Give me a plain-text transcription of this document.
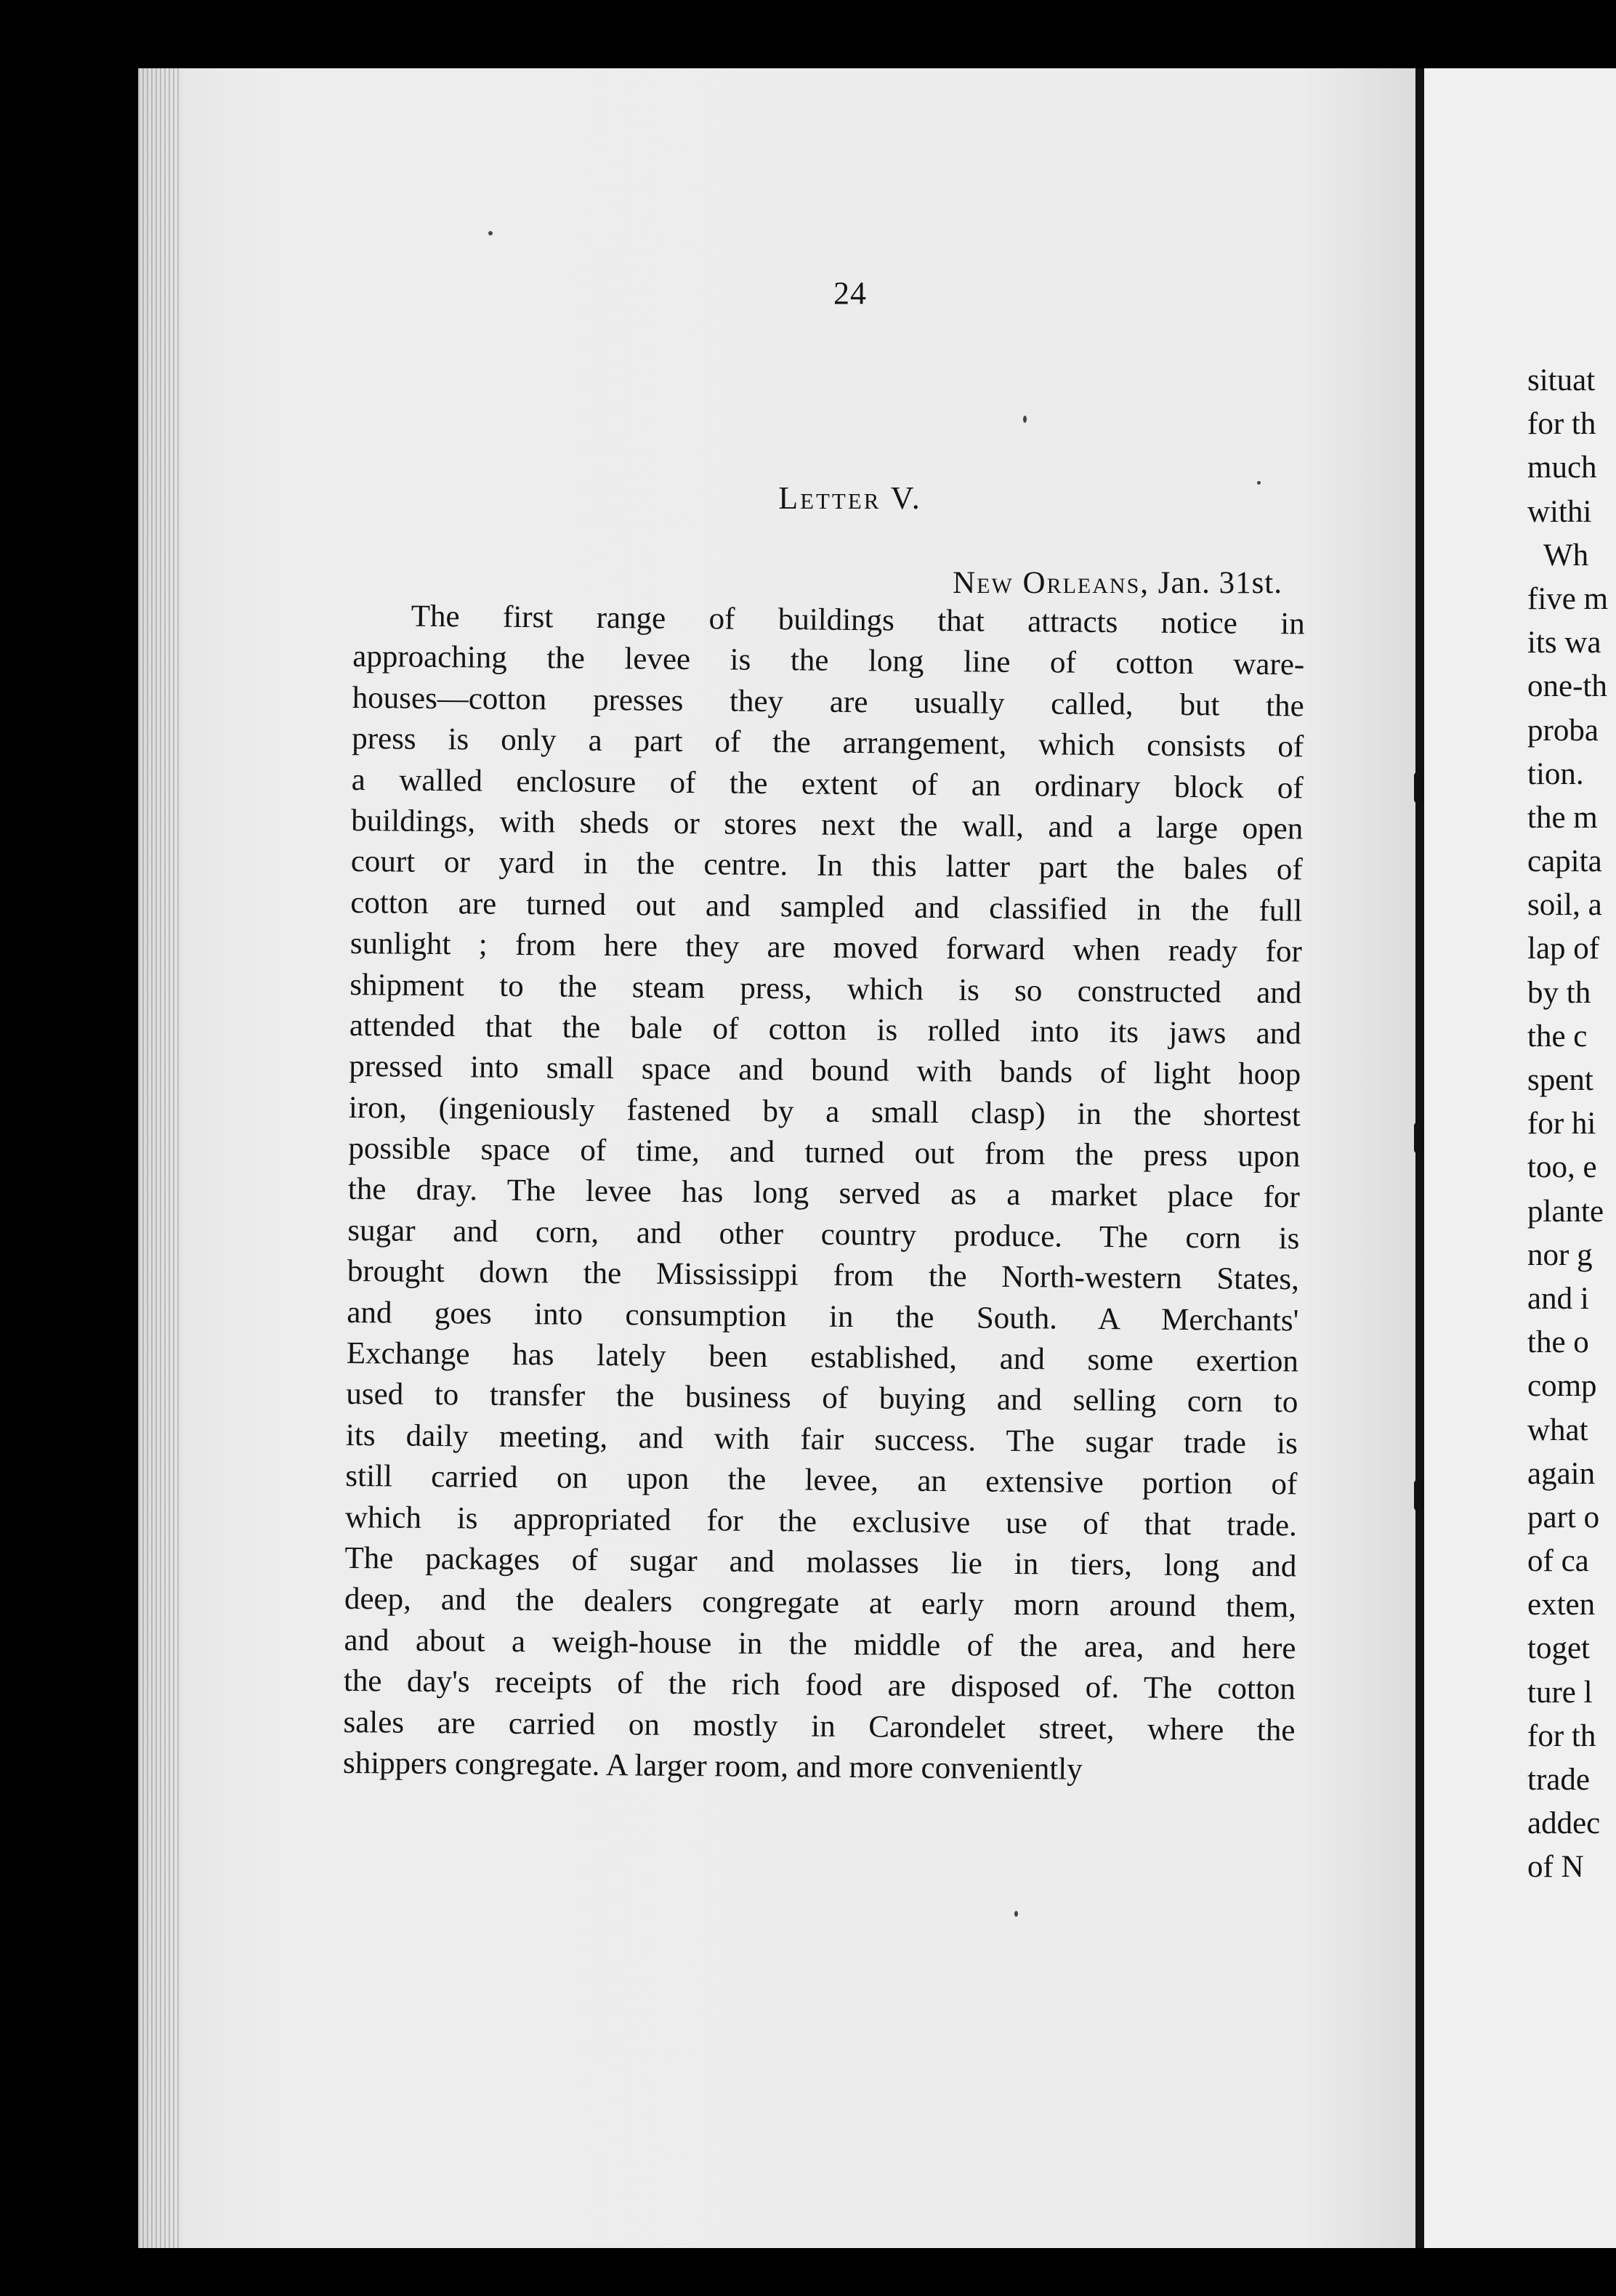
24
Letter V.
New Orleans, Jan. 31st.
The first range of buildings that attracts notice in
approaching the levee is the long line of cotton ware-
houses—cotton presses they are usually called, but the
press is only a part of the arrangement, which consists of
a walled enclosure of the extent of an ordinary block of
buildings, with sheds or stores next the wall, and a large open
court or yard in the centre. In this latter part the bales of
cotton are turned out and sampled and classified in the full
sunlight ; from here they are moved forward when ready for
shipment to the steam press, which is so constructed and
attended that the bale of cotton is rolled into its jaws and
pressed into small space and bound with bands of light hoop
iron, (ingeniously fastened by a small clasp) in the shortest
possible space of time, and turned out from the press upon
the dray. The levee has long served as a market place for
sugar and corn, and other country produce. The corn is
brought down the Mississippi from the North-western States,
and goes into consumption in the South. A Merchants'
Exchange has lately been established, and some exertion
used to transfer the business of buying and selling corn to
its daily meeting, and with fair success. The sugar trade is
still carried on upon the levee, an extensive portion of
which is appropriated for the exclusive use of that trade.
The packages of sugar and molasses lie in tiers, long and
deep, and the dealers congregate at early morn around them,
and about a weigh-house in the middle of the area, and here
the day's receipts of the rich food are disposed of. The cotton
sales are carried on mostly in Carondelet street, where the
shippers congregate. A larger room, and more conveniently
situat
for th
much
withi
Wh
five m
its wa
one-th
proba
tion.
the m
capita
soil, a
lap of
by th
the c
spent
for hi
too, e
plante
nor g
and i
the o
comp
what
again
part o
of ca
exten
toget
ture l
for th
trade
addec
of N
